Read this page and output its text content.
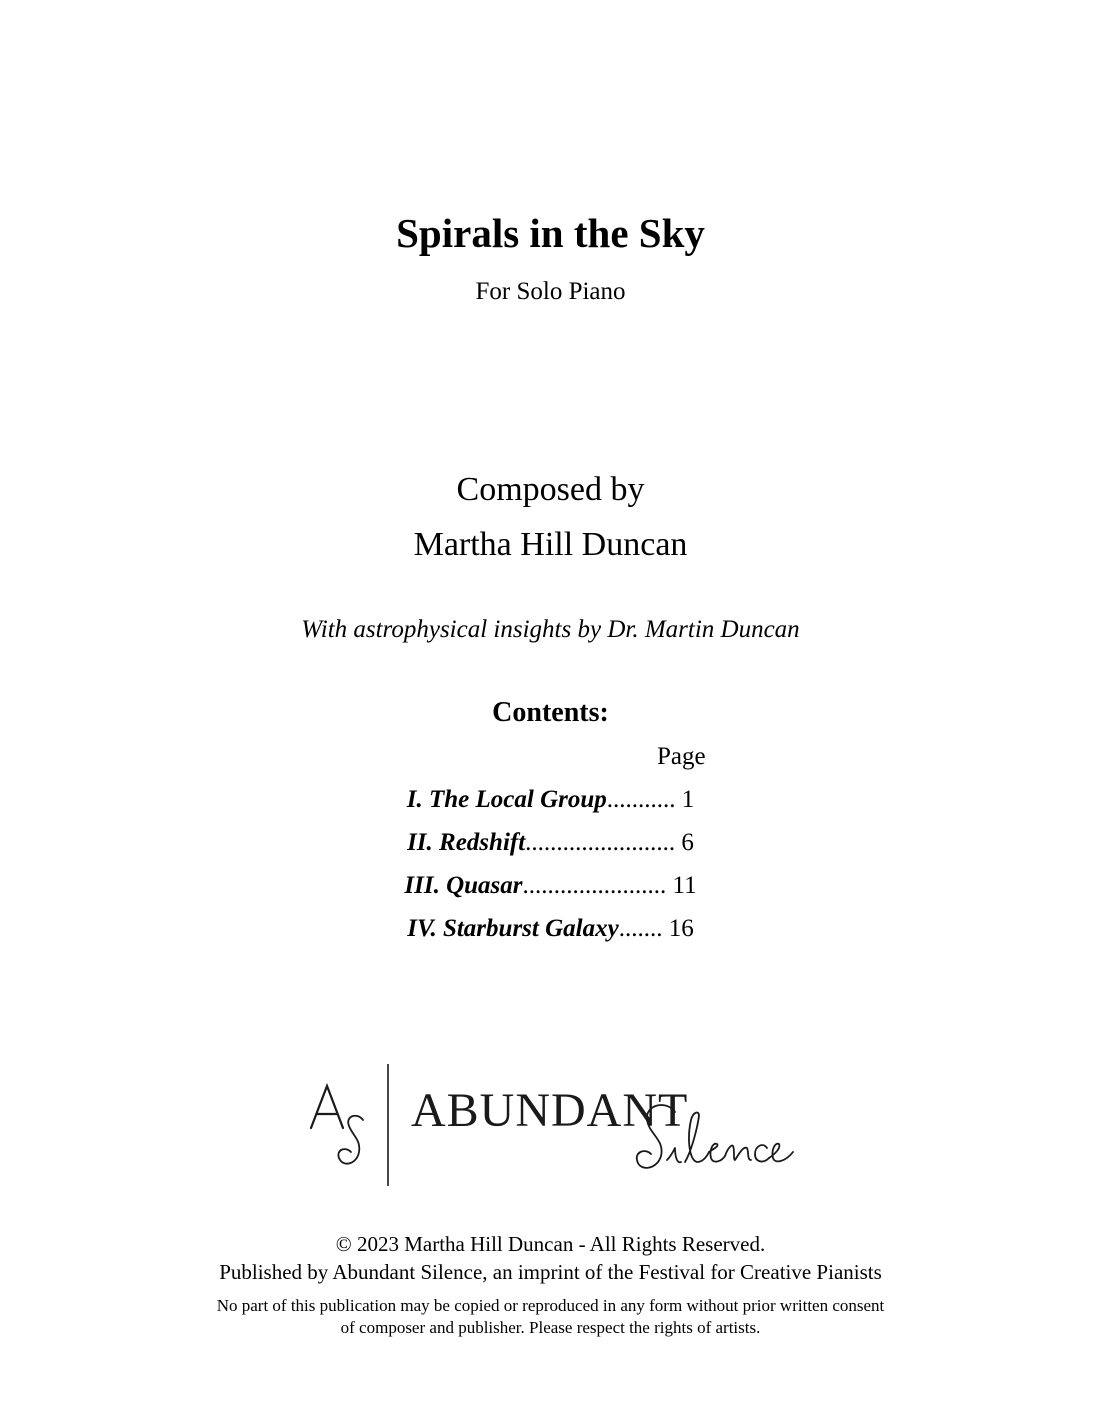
Spirals in the Sky
For Solo Piano
Composed by
Martha Hill Duncan
With astrophysical insights by Dr. Martin Duncan
Contents:
Page
I. The Local Group........... 1
II. Redshift........................ 6
III. Quasar....................... 11
IV. Starburst Galaxy....... 16
ABUNDANT
© 2023 Martha Hill Duncan - All Rights Reserved.
Published by Abundant Silence, an imprint of the Festival for Creative Pianists
No part of this publication may be copied or reproduced in any form without prior written consent
of composer and publisher. Please respect the rights of artists.
